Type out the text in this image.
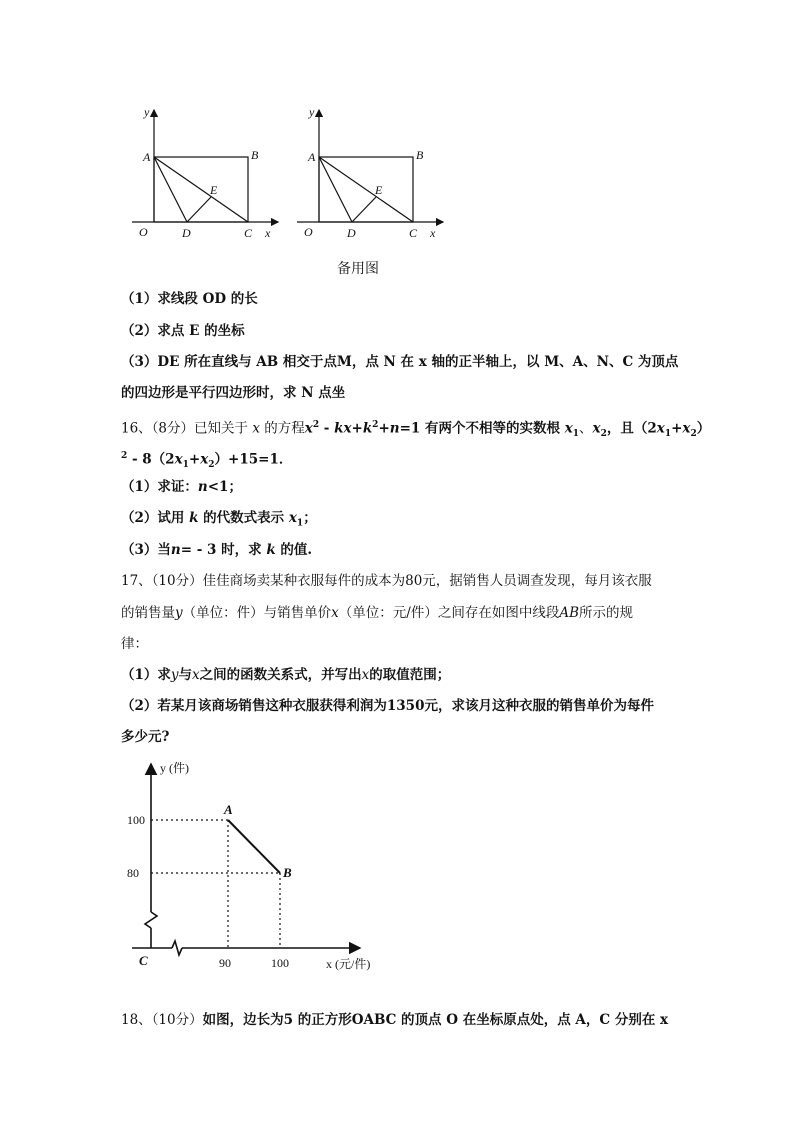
y
A	B
E
O	D	C x
y
A	B
E
O	D	C x
备用图
（1）求线段 OD 的长
（2）求点 E 的坐标
（3）DE 所在直线与 AB 相交于点M，点 N 在 x 轴的正半轴上，以 M、A、N、C 为顶点
的四边形是平行四边形时，求 N 点坐
16、（8分）已知关于 x 的方程$x^2 - kx+k^2+n=1$ 有两个不相等的实数根 $x_1$、$x_2$，且$(2x_1+x_2)$
$^2 - 8(2x_1+x_2)+15=1$．
（1）求证：n<1；
（2）试用 k 的代数式表示 $x_1$；
（3）当n= - 3 时，求 k 的值.
17、（10分）佳佳商场卖某种衣服每件的成本为80元，据销售人员调查发现，每月该衣服
的销售量y（单位：件）与销售单价x（单位：元/件）之间存在如图中线段AB所示的规
律：
（1）求y与x之间的函数关系式，并写出x的取值范围；
（2）若某月该商场销售这种衣服获得利润为1350元，求该月这种衣服的销售单价为每件
多少元?
A
B
100
80
90	100
y (件)
x (元/件)
C
18、（10分）如图，边长为5 的正方形OABC 的顶点 O 在坐标原点处，点 A，C 分别在 x
